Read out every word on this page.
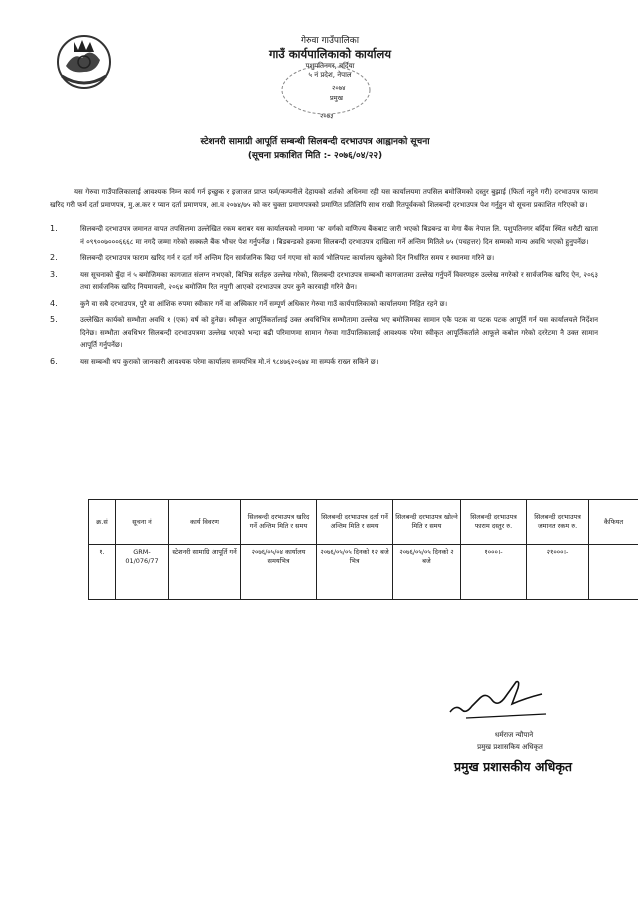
गेरुवा गाउँपालिका
गाउँ कार्यपालिकाको कार्यालय
पशुपतिनगर, बर्दिया
५ नं प्रदेश, नेपाल
२०७४
प्रमुख
२०७३
स्टेशनरी सामाग्री आपूर्ति सम्बन्धी सिलबन्दी दरभाउपत्र आह्वानको सूचना
(सूचना प्रकाशित मिति :- २०७६/०४/२२)

यस गेरुवा गाउँपालिकालाई आवश्यक निम्न कार्य गर्न इच्छुक र इजाजत प्राप्त फर्म/कम्पनीले देहायको शर्तको अधिनमा रही यस कार्यालयमा तपसिल बमोजिमको दस्तुर बुझाई (फिर्ता नहुने गरी) दरभाउपत्र फाराम खरिद गरी फर्म दर्ता प्रमाणपत्र, मु.अ.कर र प्यान दर्ता प्रमाणपत्र, आ.व २०७४/७५ को कर चुक्ता प्रमाणपत्रको प्रमाणित प्रतिलिपि साथ राखी रितपूर्वकको शिलबन्दी दरभाउपत्र पेश गर्नुहुन यो सूचना प्रकाशित गरिएको छ।

1.	सिलबन्दी दरभाउपत्र जमानत वापत तपसिलमा उल्लेखित रकम बराबर यस कार्यालयको नाममा 'क' वर्गको वाणिज्य बैंकबाट जारी भएको बिडबन्ड वा मेगा बैंक नेपाल लि. पशुपतिनगर बर्दिया स्थित धरौटी खाता नं ०९९००७०००६६६८ मा नगदै जम्मा गरेको सक्कलै बैंक भौचर पेश गर्नुपर्नेछ । बिडबन्डको हकमा सिलबन्दी दरभाउपत्र दाखिला गर्ने अन्तिम मितिले ७५ (पचहत्तर) दिन सम्मको मान्य अवधि भएको हुनुपर्नेछ।
2.	सिलबन्दी दरभाउपत्र फाराम खरिद गर्न र दर्ता गर्ने अन्तिम दिन सार्वजनिक बिदा पर्न गएमा सो कार्य भोलिपल्ट कार्यालय खुलेको दिन निर्धारित समय र स्थानमा गरिने छ।
3.	यस सूचनाको बुँदा नं ५ बमोजिमका कागजात संलग्न नभएको, बिभिन्न सर्तहरु उल्लेख गरेको, सिलबन्दी दरभाउपत्र सम्बन्धी कागजातमा उल्लेख गर्नुपर्ने विवरणहरु उल्लेख नगरेको र सार्वजनिक खरिद ऐन, २०६३ तथा सार्वजनिक खरिद नियमावली, २०६४ बमोजिम रित नपुगी आएको दरभाउपत्र उपर कुनै कारवाही गरिने छैन।
4.	कुनै वा सबै दरभाउपत्र, पुरै वा आंशिक रुपमा स्वीकार गर्ने वा अस्विकार गर्ने सम्पूर्ण अधिकार गेरुवा गाउँ कार्यपालिकाको कार्यालयमा निहित रहने छ।
5.	उल्लेखित कार्यको सम्भौता अवधि १ (एक) वर्ष को हुनेछ। स्वीकृत आपूर्तिकर्तालाई उक्त अवधिभित्र सम्भौतामा उल्लेख भए बमोजिमका सामान एकै पटक वा पटक पटक आपूर्ति गर्न यस कार्यालयले निर्देशन दिनेछ। सम्भौता अवधिभर सिलबन्दी दरभाउपत्रमा उल्लेख भएको भन्दा बढी परिमाणमा सामान गेरुवा गाउँपालिकालाई आवश्यक परेमा स्वीकृत आपूर्तिकर्ताले आफूले कबोल गरेको दररेटमा नै उक्त सामान आपूर्ति गर्नुपर्नेछ।
6.	यस सम्बन्धी थप कुराको जानकारी आवश्यक परेमा कार्यालय समयभित्र मो.नं ९८४७६२०६७४ मा सम्पर्क राख्न सकिने छ।
क्र.सं	सूचना नं	कार्य विवरण	सिलबन्दी दरभाउपत्र खरिद गर्ने अन्तिम मिति र समय	सिलबन्दी दरभाउपत्र दर्ता गर्ने अन्तिम मिति र समय	सिलबन्दी दरभाउपत्र खोल्ने मिति र समय	सिलबन्दी दरभाउपत्र फाराम दस्तुर रु.	सिलबन्दी दरभाउपत्र जमानत रकम रु.	कैफियत
१.	GRM-01/076/77	स्टेशनरी सामाग्रि आपूर्ति गर्ने	२०७६/०५/०४ कार्यालय समयभित्र	२०७६/०५/०५ दिनको १२ बजे भित्र	२०७६/०५/०५ दिनको २ बजे	१०००।-	२१०००।-	
धर्मराज न्यौपाने
प्रमुख प्रशासकिय अधिकृत
प्रमुख प्रशासकीय अधिकृत
